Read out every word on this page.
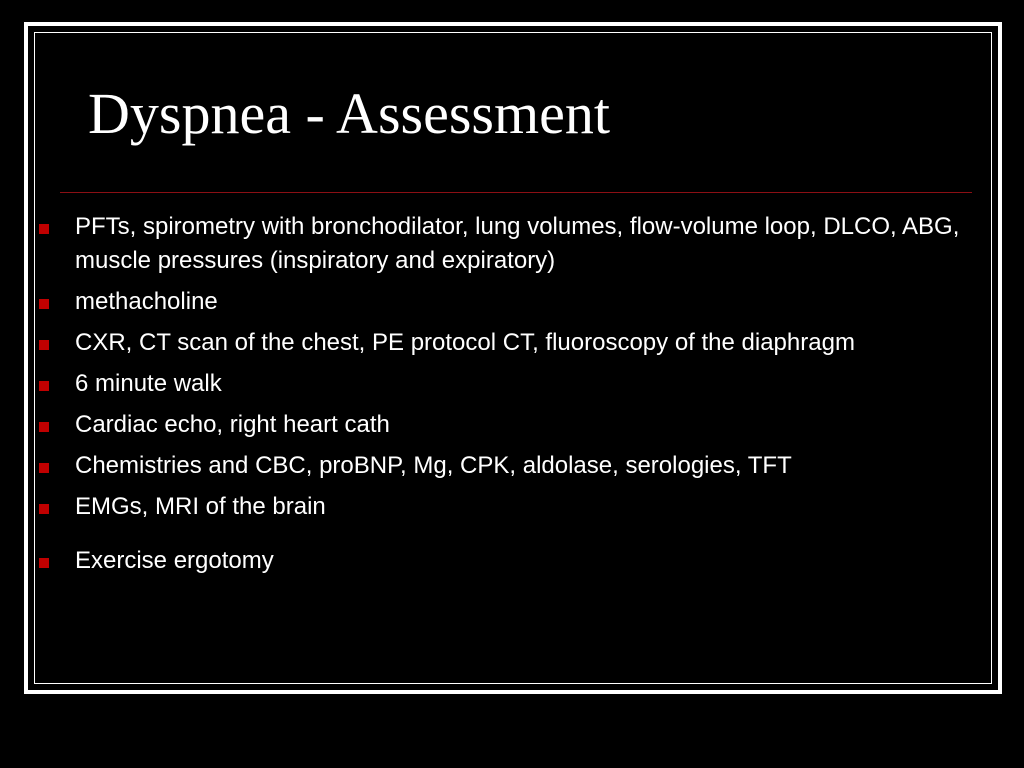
Dyspnea - Assessment
PFTs, spirometry with bronchodilator, lung volumes, flow-volume loop, DLCO, ABG, muscle pressures (inspiratory and expiratory)
methacholine
CXR, CT scan of the chest, PE protocol CT, fluoroscopy of the diaphragm
6 minute walk
Cardiac echo, right heart cath
Chemistries and CBC, proBNP, Mg, CPK, aldolase, serologies, TFT
EMGs, MRI of the brain
Exercise ergotomy
